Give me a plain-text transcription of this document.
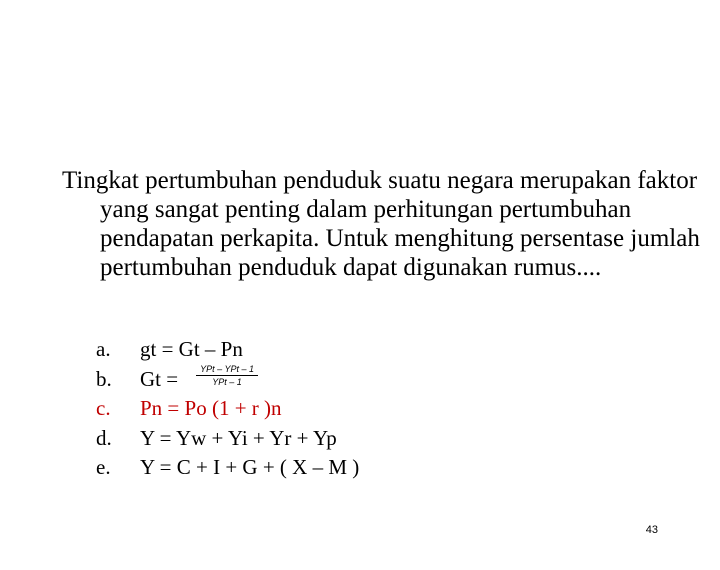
Tingkat pertumbuhan penduduk suatu negara merupakan faktor yang sangat penting dalam perhitungan pertumbuhan pendapatan perkapita. Untuk menghitung persentase jumlah pertumbuhan penduduk dapat digunakan rumus....

a.	gt = Gt – Pn
b.	$Gt = \frac{\text{YPt – YPt – 1}}{\text{YPt – 1}}$
c.	Pn = Po (1 + r )n
d.	Y = Yw + Yi + Yr + Yp
e.	Y = C + I + G + ( X – M )
43
